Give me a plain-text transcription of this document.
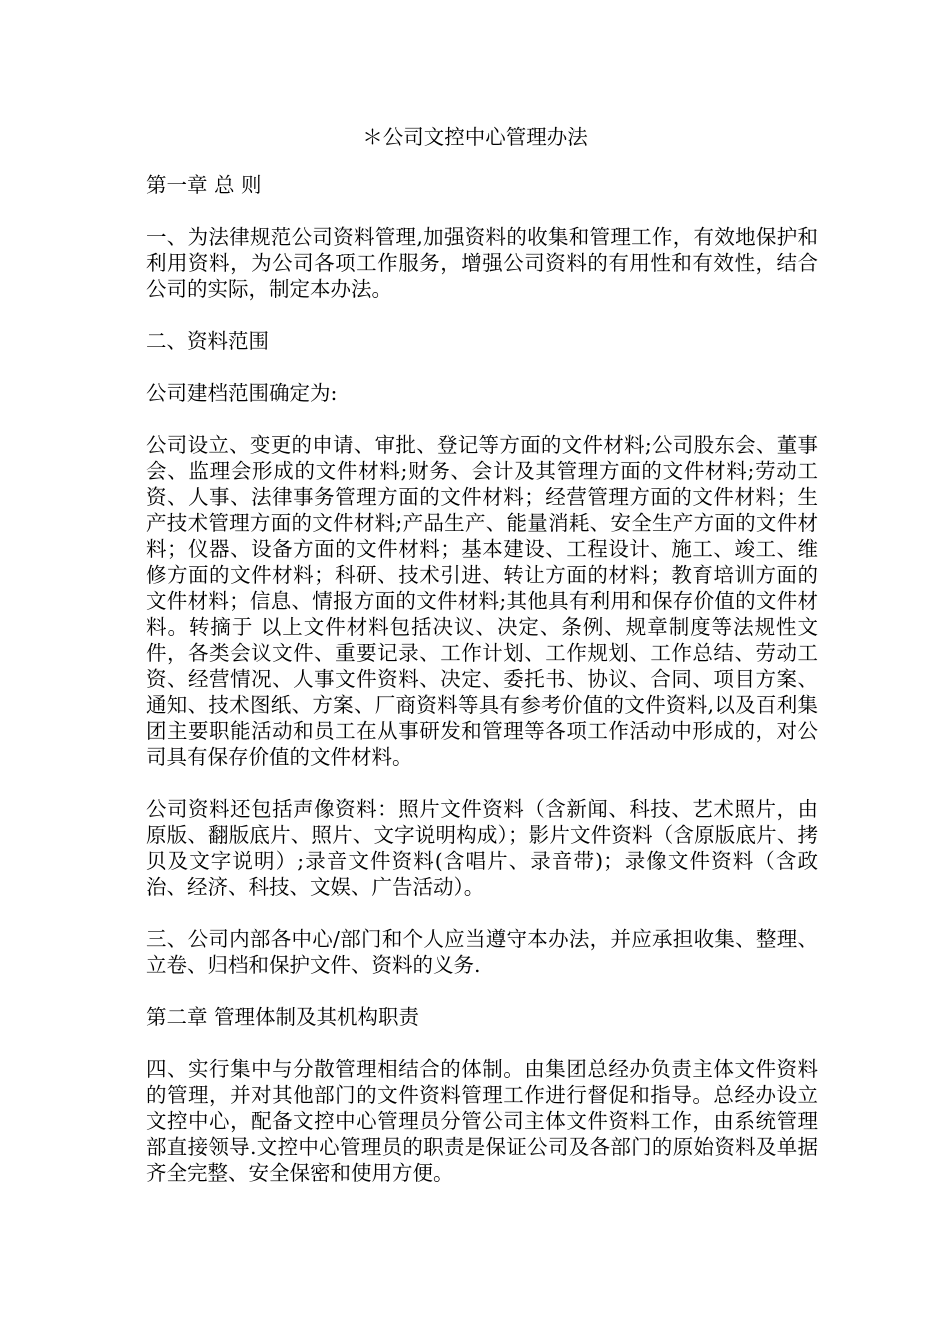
＊公司文控中心管理办法

第一章 总 则

一、为法律规范公司资料管理,加强资料的收集和管理工作，有效地保护和利用资料，为公司各项工作服务，增强公司资料的有用性和有效性，结合公司的实际，制定本办法。

二、资料范围

公司建档范围确定为:

公司设立、变更的申请、审批、登记等方面的文件材料;公司股东会、董事会、监理会形成的文件材料;财务、会计及其管理方面的文件材料;劳动工资、人事、法律事务管理方面的文件材料；经营管理方面的文件材料；生产技术管理方面的文件材料;产品生产、能量消耗、安全生产方面的文件材料；仪器、设备方面的文件材料；基本建设、工程设计、施工、竣工、维修方面的文件材料；科研、技术引进、转让方面的材料；教育培训方面的文件材料；信息、情报方面的文件材料;其他具有利用和保存价值的文件材料。转摘于 以上文件材料包括决议、决定、条例、规章制度等法规性文件，各类会议文件、重要记录、工作计划、工作规划、工作总结、劳动工资、经营情况、人事文件资料、决定、委托书、协议、合同、项目方案、通知、技术图纸、方案、厂商资料等具有参考价值的文件资料,以及百利集团主要职能活动和员工在从事研发和管理等各项工作活动中形成的，对公司具有保存价值的文件材料。

公司资料还包括声像资料：照片文件资料（含新闻、科技、艺术照片，由原版、翻版底片、照片、文字说明构成）；影片文件资料（含原版底片、拷贝及文字说明）;录音文件资料(含唱片、录音带)；录像文件资料（含政治、经济、科技、文娱、广告活动）。

三、公司内部各中心/部门和个人应当遵守本办法，并应承担收集、整理、立卷、归档和保护文件、资料的义务.

第二章 管理体制及其机构职责

四、实行集中与分散管理相结合的体制。由集团总经办负责主体文件资料的管理，并对其他部门的文件资料管理工作进行督促和指导。总经办设立文控中心，配备文控中心管理员分管公司主体文件资料工作，由系统管理部直接领导.文控中心管理员的职责是保证公司及各部门的原始资料及单据齐全完整、安全保密和使用方便。
